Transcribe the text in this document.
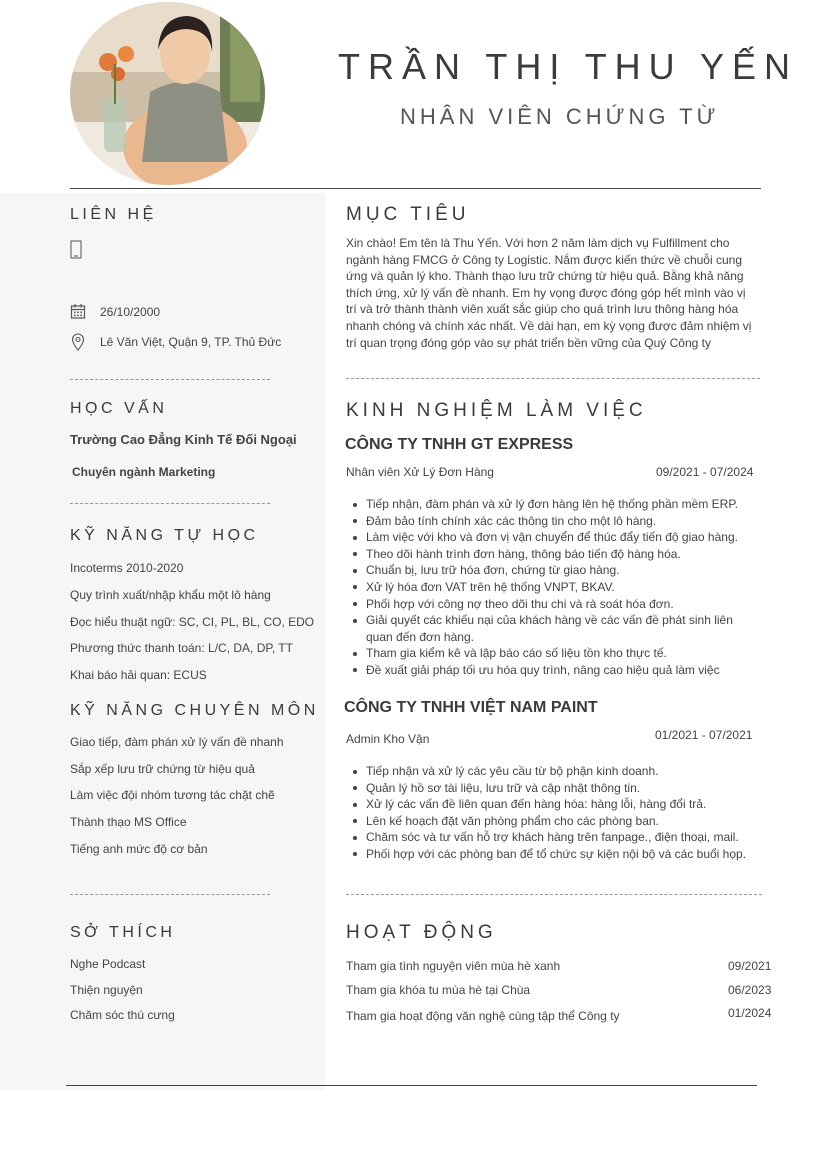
TRẦN THỊ THU YẾN
NHÂN VIÊN CHỨNG TỪ
LIÊN HỆ
26/10/2000
Lê Văn Việt, Quận 9, TP. Thủ Đức
HỌC VẤN
Trường Cao Đẳng Kinh Tế Đối Ngoại
Chuyên ngành Marketing
KỸ NĂNG TỰ HỌC
Incoterms 2010-2020
Quy trình xuất/nhập khẩu một lô hàng
Đọc hiểu thuật ngữ: SC, CI, PL, BL, CO, EDO
Phương thức thanh toán: L/C, DA, DP, TT
Khai báo hải quan: ECUS
KỸ NĂNG CHUYÊN MÔN
Giao tiếp, đàm phán xử lý vấn đề nhanh
Sắp xếp lưu trữ chứng từ hiệu quả
Làm việc đội nhóm tương tác chặt chẽ
Thành thạo MS Office
Tiếng anh mức độ cơ bản
SỞ THÍCH
Nghe Podcast
Thiện nguyện
Chăm sóc thú cưng
MỤC TIÊU
Xin chào! Em tên là Thu Yến. Với hơn 2 năm làm dịch vụ Fulfillment cho ngành hàng FMCG ở Công ty Logistic. Nắm được kiến thức về chuỗi cung ứng và quản lý kho. Thành thạo lưu trữ chứng từ hiệu quả. Bằng khả năng thích ứng, xử lý vấn đề nhanh. Em hy vọng được đóng góp hết mình vào vị trí và trở thành thành viên xuất sắc giúp cho quá trình lưu thông hàng hóa nhanh chóng và chính xác nhất. Về dài hạn, em kỳ vọng được đảm nhiệm vị trí quan trọng đóng góp vào sự phát triển bền vững của Quý Công ty
KINH NGHIỆM LÀM VIỆC
CÔNG TY TNHH GT EXPRESS
Nhân viên Xử Lý Đơn Hàng	09/2021 - 07/2024
Tiếp nhận, đàm phán và xử lý đơn hàng lên hệ thống phần mềm ERP.
Đảm bảo tính chính xác các thông tin cho một lô hàng.
Làm việc với kho và đơn vị vận chuyển để thúc đẩy tiến độ giao hàng.
Theo dõi hành trình đơn hàng, thông báo tiến độ hàng hóa.
Chuẩn bị, lưu trữ hóa đơn, chứng từ giao hàng.
Xử lý hóa đơn VAT trên hệ thống VNPT, BKAV.
Phối hợp với công nợ theo dõi thu chi và rà soát hóa đơn.
Giải quyết các khiếu nại của khách hàng về các vấn đề phát sinh liên quan đến đơn hàng.
Tham gia kiểm kê và lập báo cáo số liệu tồn kho thực tế.
Đề xuất giải pháp tối ưu hóa quy trình, nâng cao hiệu quả làm việc
CÔNG TY TNHH VIỆT NAM PAINT
Admin Kho Vận	01/2021 - 07/2021
Tiếp nhận và xử lý các yêu cầu từ bộ phận kinh doanh.
Quản lý hồ sơ tài liệu, lưu trữ và cập nhật thông tin.
Xử lý các vấn đề liên quan đến hàng hóa: hàng lỗi, hàng đổi trả.
Lên kế hoạch đặt văn phòng phẩm cho các phòng ban.
Chăm sóc và tư vấn hỗ trợ khách hàng trên fanpage., điện thoại, mail.
Phối hợp với các phòng ban để tổ chức sự kiện nội bộ và các buổi họp.
HOẠT ĐỘNG
Tham gia tình nguyện viên mùa hè xanh	09/2021
Tham gia khóa tu mùa hè tại Chùa	06/2023
Tham gia hoạt động văn nghệ cùng tập thể Công ty	01/2024
